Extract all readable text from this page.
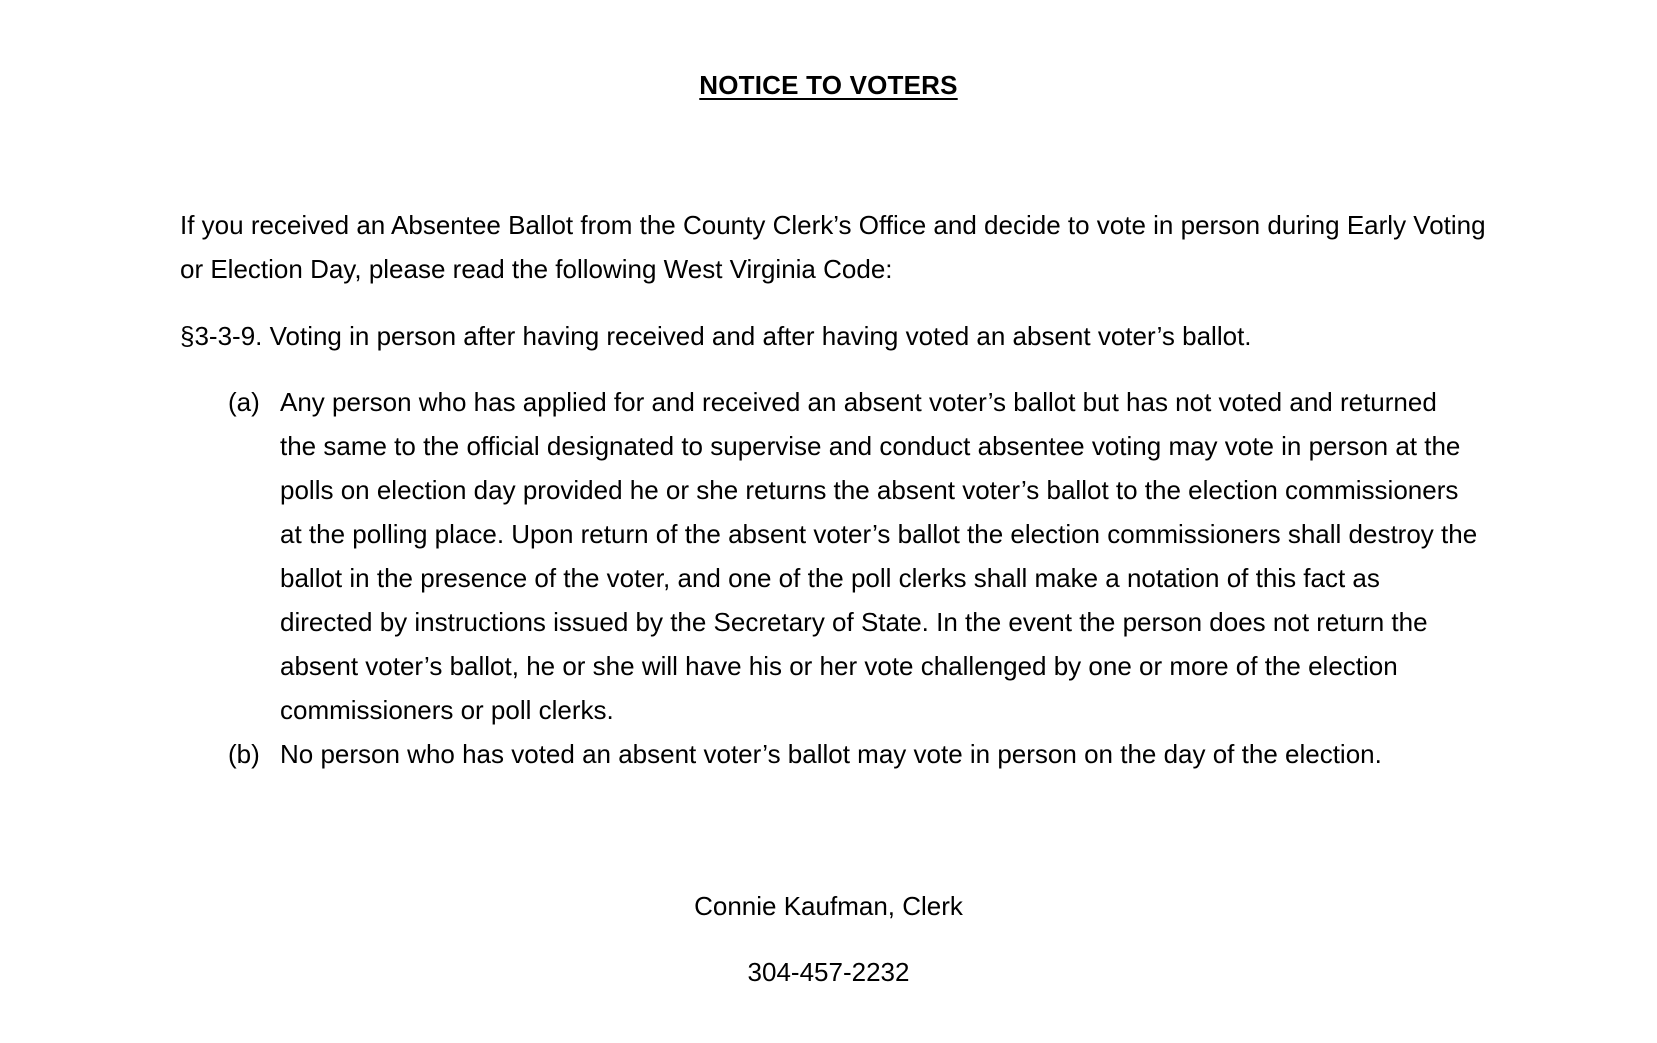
NOTICE TO VOTERS

If you received an Absentee Ballot from the County Clerk’s Office and decide to vote in person during Early Voting or Election Day, please read the following West Virginia Code:

§3-3-9. Voting in person after having received and after having voted an absent voter’s ballot.

(a) Any person who has applied for and received an absent voter’s ballot but has not voted and returned the same to the official designated to supervise and conduct absentee voting may vote in person at the polls on election day provided he or she returns the absent voter’s ballot to the election commissioners at the polling place. Upon return of the absent voter’s ballot the election commissioners shall destroy the ballot in the presence of the voter, and one of the poll clerks shall make a notation of this fact as directed by instructions issued by the Secretary of State. In the event the person does not return the absent voter’s ballot, he or she will have his or her vote challenged by one or more of the election commissioners or poll clerks.
(b) No person who has voted an absent voter’s ballot may vote in person on the day of the election.
Connie Kaufman, Clerk
304-457-2232
